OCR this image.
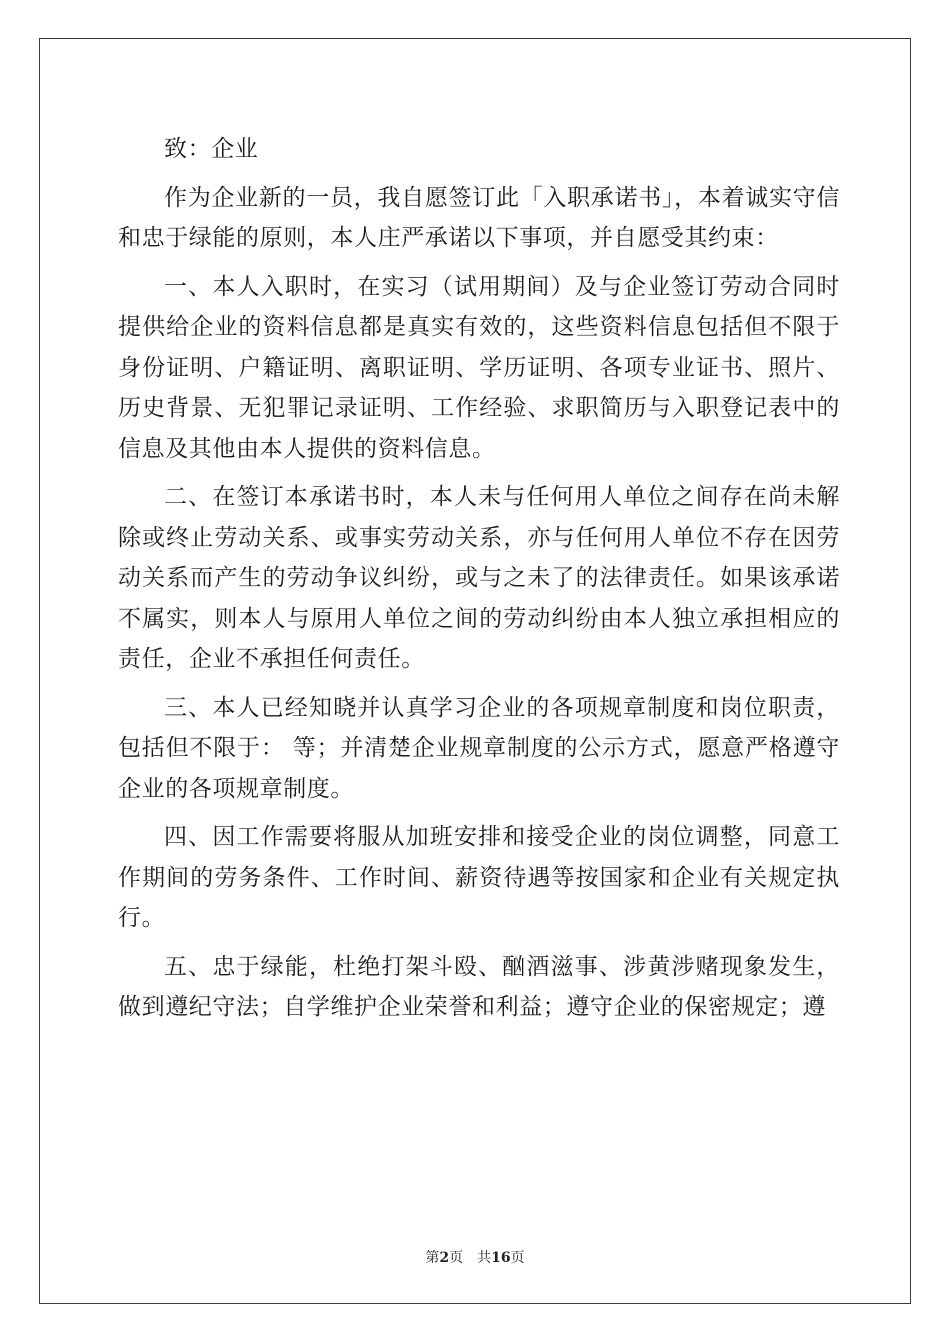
致：企业

作为企业新的一员，我自愿签订此「入职承诺书」，本着诚实守信和忠于绿能的原则，本人庄严承诺以下事项，并自愿受其约束：

一、本人入职时，在实习（试用期间）及与企业签订劳动合同时提供给企业的资料信息都是真实有效的，这些资料信息包括但不限于身份证明、户籍证明、离职证明、学历证明、各项专业证书、照片、历史背景、无犯罪记录证明、工作经验、求职简历与入职登记表中的信息及其他由本人提供的资料信息。

二、在签订本承诺书时，本人未与任何用人单位之间存在尚未解除或终止劳动关系、或事实劳动关系，亦与任何用人单位不存在因劳动关系而产生的劳动争议纠纷，或与之未了的法律责任。如果该承诺不属实，则本人与原用人单位之间的劳动纠纷由本人独立承担相应的责任，企业不承担任何责任。

三、本人已经知晓并认真学习企业的各项规章制度和岗位职责，包括但不限于： 等；并清楚企业规章制度的公示方式，愿意严格遵守企业的各项规章制度。

四、因工作需要将服从加班安排和接受企业的岗位调整，同意工作期间的劳务条件、工作时间、薪资待遇等按国家和企业有关规定执行。

五、忠于绿能，杜绝打架斗殴、酗酒滋事、涉黄涉赌现象发生，做到遵纪守法；自学维护企业荣誉和利益；遵守企业的保密规定；遵

第2页 共16页
